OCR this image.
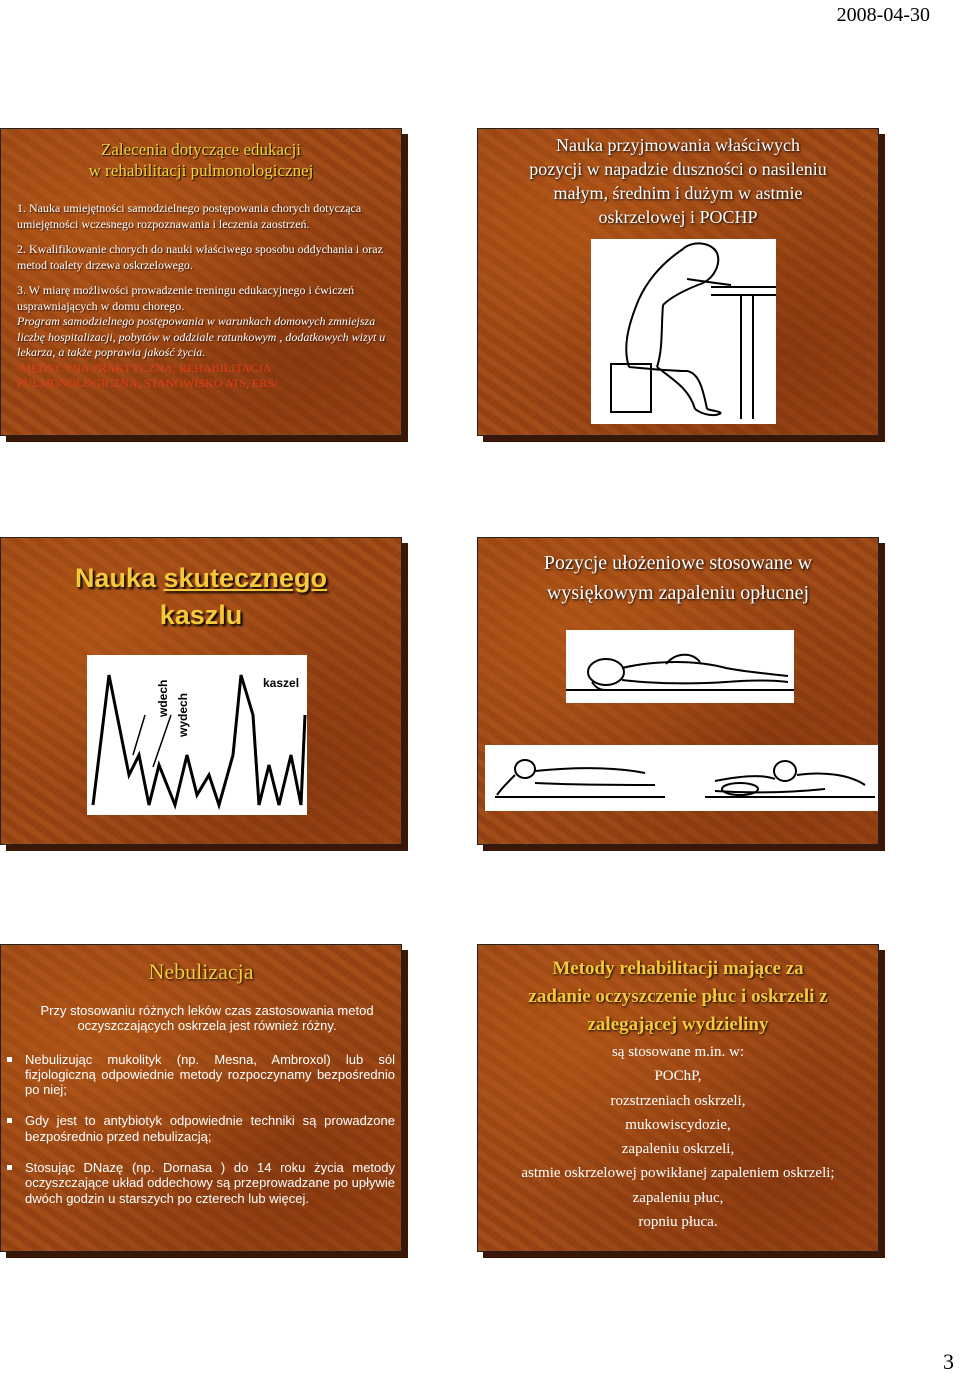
2008-04-30
Zalecenia dotyczące edukacji
w rehabilitacji pulmonologicznej

1. Nauka umiejętności samodzielnego postępowania chorych dotycząca umiejętności wczesnego rozpoznawania i leczenia zaostrzeń.

2. Kwalifikowanie chorych do nauki właściwego sposobu oddychania i oraz metod toalety drzewa oskrzelowego.

3. W miarę możliwości prowadzenie treningu edukacyjnego i ćwiczeń usprawniających w domu chorego.

Program samodzielnego postępowania w warunkach domowych zmniejsza liczbę hospitalizacji, pobytów w oddziale ratunkowym , dodatkowych wizyt u lekarza, a także poprawia jakość życia.

/MEDYCYNA PRAKTYCZNA; REHABILITACJA PULMONOLOGICZNA; STANOWISKO ATS, ERS/

Nauka przyjmowania właściwych
pozycji w napadzie duszności o nasileniu
małym, średnim i dużym w astmie
oskrzelowej i POCHP
Nauka skutecznego
kaszlu
wdech wydech
kaszel
Pozycje ułożeniowe stosowane w
wysiękowym zapaleniu opłucnej
Nebulizacja

Przy stosowaniu różnych leków czas zastosowania metod oczyszczających oskrzela jest również różny.

Nebulizując mukolityk (np. Mesna, Ambroxol) lub sól fizjologiczną odpowiednie metody rozpoczynamy bezpośrednio po niej;

Gdy jest to antybiotyk odpowiednie techniki są prowadzone bezpośrednio przed nebulizacją;

Stosując DNazę (np. Dornasa ) do 14 roku życia metody oczyszczające układ oddechowy są przeprowadzane po upływie dwóch godzin u starszych po czterech lub więcej.

Metody rehabilitacji mające za
zadanie oczyszczenie płuc i oskrzeli z
zalegającej wydzieliny
są stosowane m.in. w:
POChP,
rozstrzeniach oskrzeli,
mukowiscydozie,
zapaleniu oskrzeli,
astmie oskrzelowej powikłanej zapaleniem oskrzeli;
zapaleniu płuc,
ropniu płuca.
3
